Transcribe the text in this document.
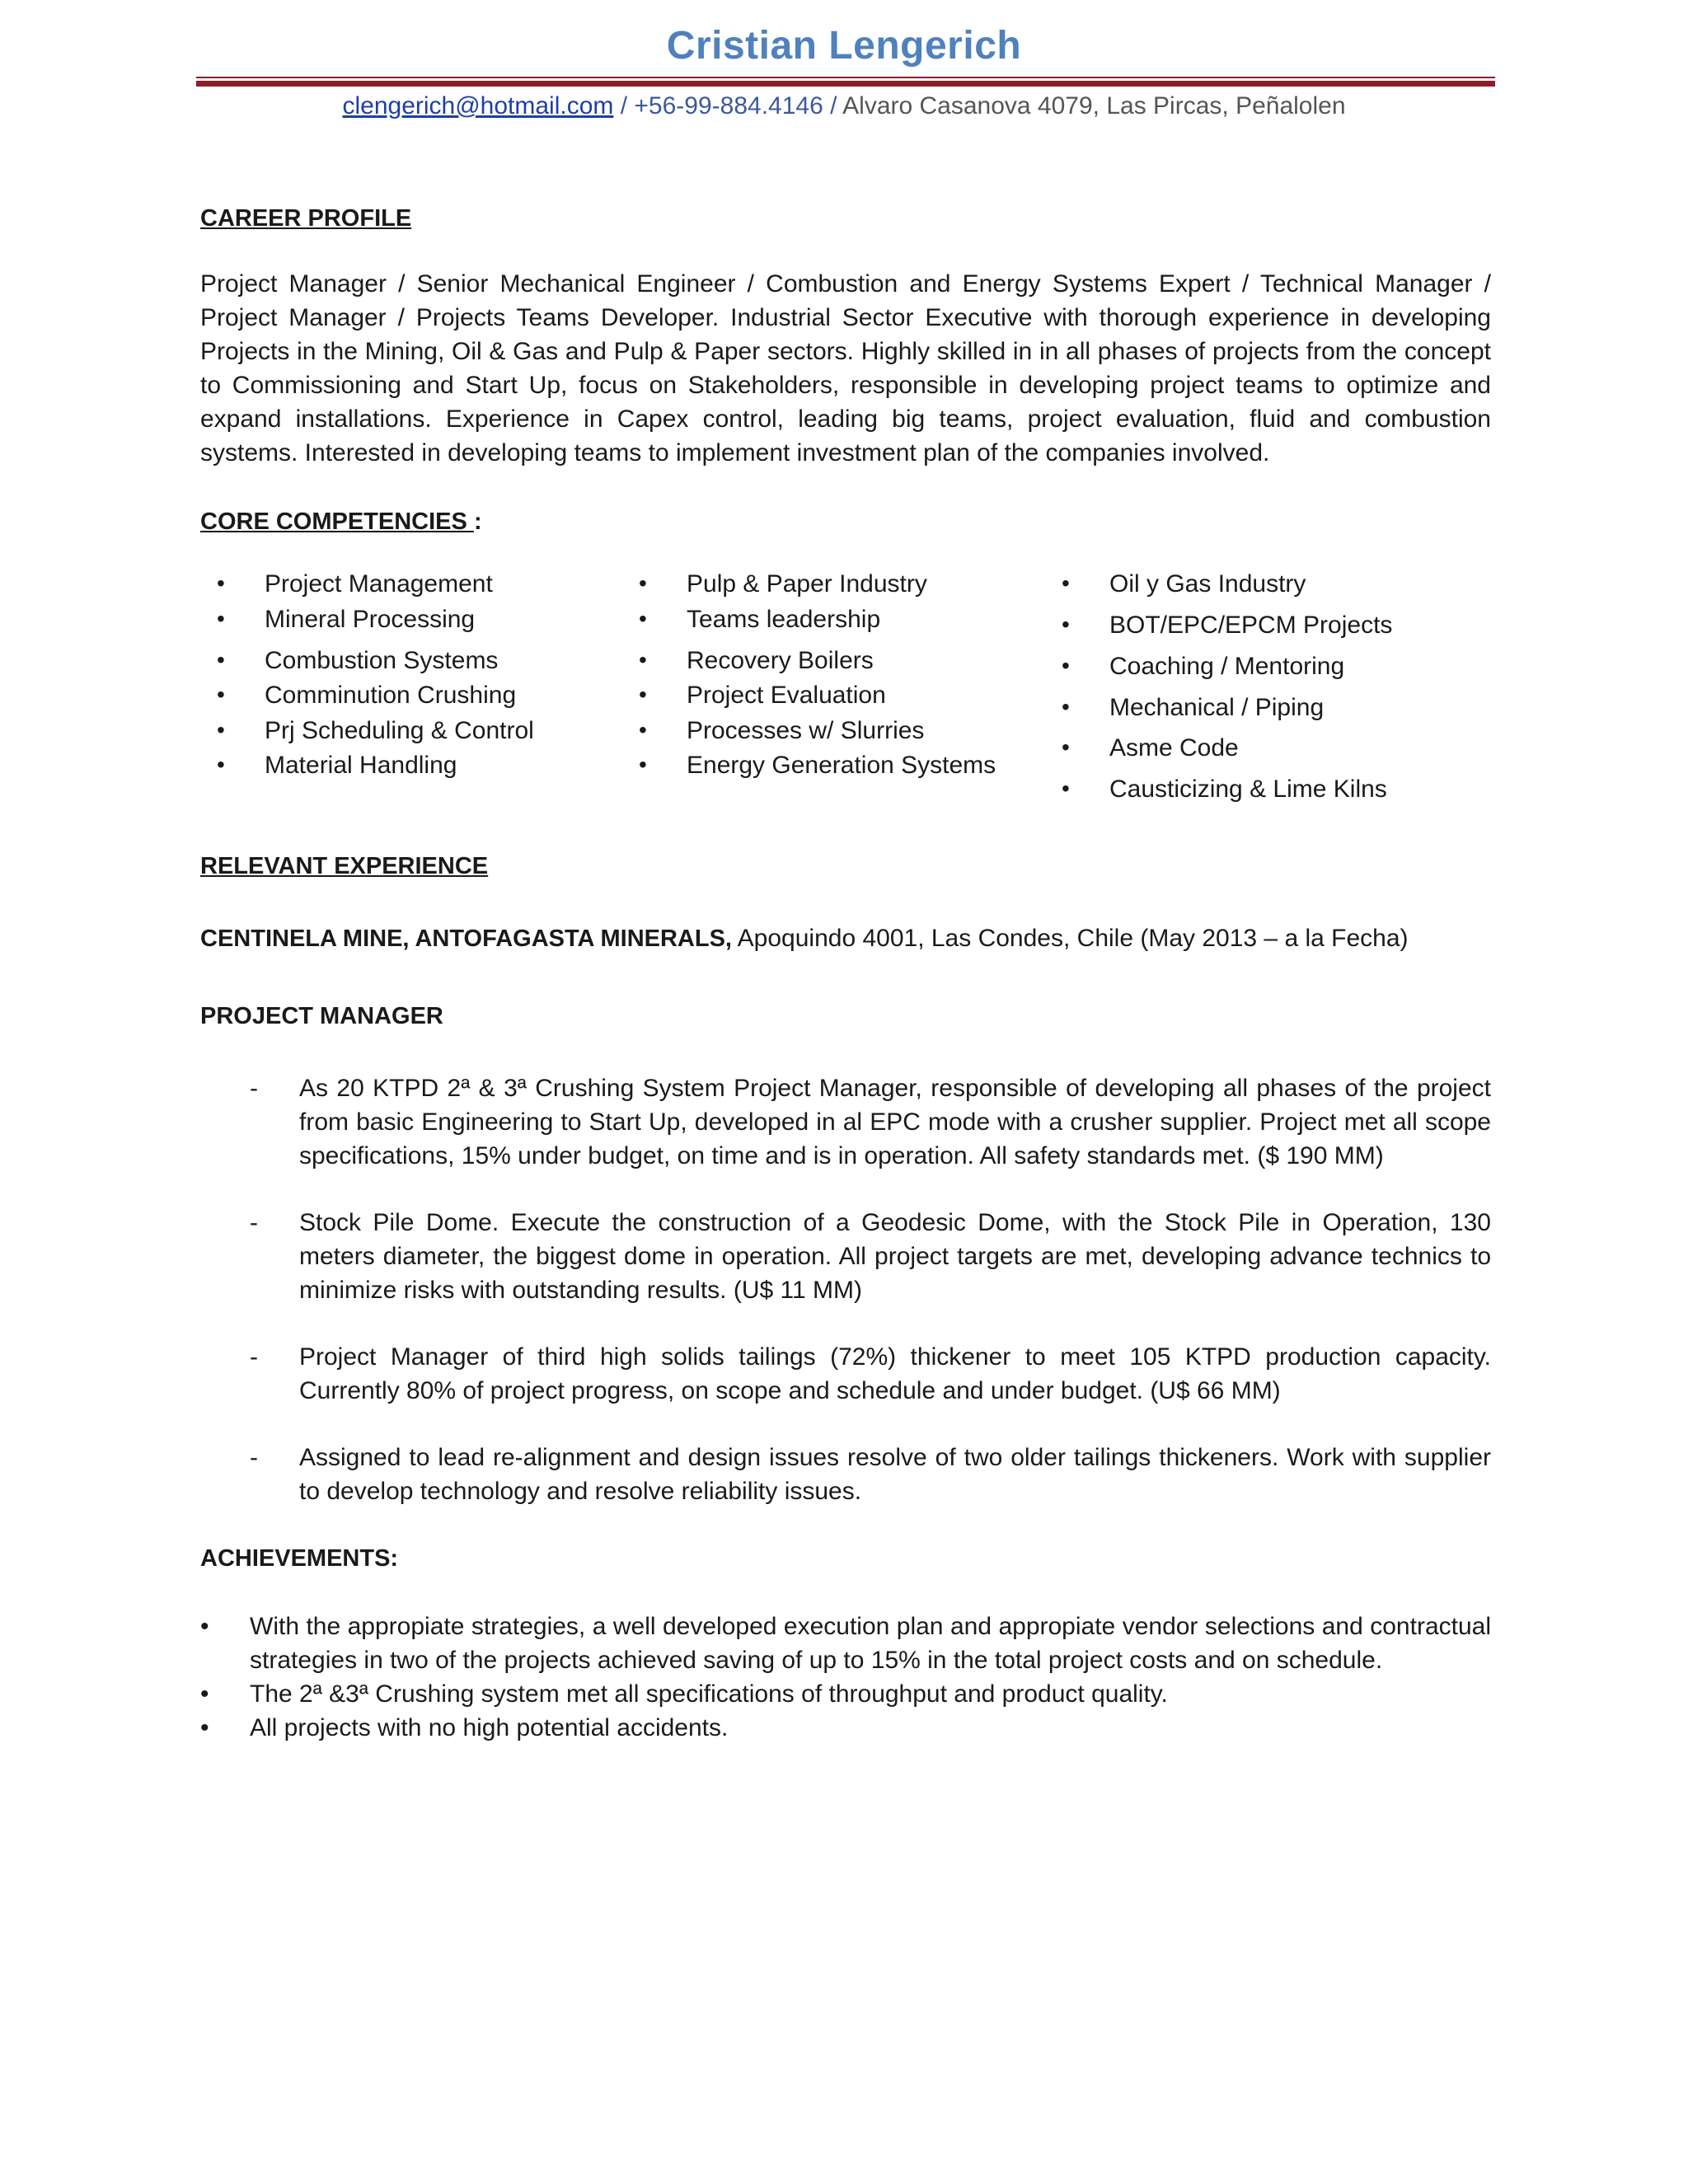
Cristian Lengerich
clengerich@hotmail.com / +56-99-884.4146 / Alvaro Casanova 4079, Las Pircas, Peñalolen
CAREER PROFILE
Project Manager / Senior Mechanical Engineer / Combustion and Energy Systems Expert / Technical Manager / Project Manager / Projects Teams Developer. Industrial Sector Executive with thorough experience in developing Projects in the Mining, Oil & Gas and Pulp & Paper sectors. Highly skilled in in all phases of projects from the concept to Commissioning and Start Up, focus on Stakeholders, responsible in developing project teams to optimize and expand installations. Experience in Capex control, leading big teams, project evaluation, fluid and combustion systems. Interested in developing teams to implement investment plan of the companies involved.
CORE COMPETENCIES :
• Project Management
• Mineral Processing
• Combustion Systems
• Comminution Crushing
• Prj Scheduling & Control
• Material Handling
• Pulp & Paper Industry
• Teams leadership
• Recovery Boilers
• Project Evaluation
• Processes w/ Slurries
• Energy Generation Systems
• Oil y Gas Industry
• BOT/EPC/EPCM Projects
• Coaching / Mentoring
• Mechanical / Piping
• Asme Code
• Causticizing & Lime Kilns
RELEVANT EXPERIENCE
CENTINELA MINE, ANTOFAGASTA MINERALS, Apoquindo 4001, Las Condes, Chile (May 2013 – a la Fecha)
PROJECT MANAGER
- As 20 KTPD 2ª & 3ª Crushing System Project Manager, responsible of developing all phases of the project from basic Engineering to Start Up, developed in al EPC mode with a crusher supplier. Project met all scope specifications, 15% under budget, on time and is in operation. All safety standards met. ($ 190 MM)
- Stock Pile Dome. Execute the construction of a Geodesic Dome, with the Stock Pile in Operation, 130 meters diameter, the biggest dome in operation. All project targets are met, developing advance technics to minimize risks with outstanding results. (U$ 11 MM)
- Project Manager of third high solids tailings (72%) thickener to meet 105 KTPD production capacity. Currently 80% of project progress, on scope and schedule and under budget. (U$ 66 MM)
- Assigned to lead re-alignment and design issues resolve of two older tailings thickeners. Work with supplier to develop technology and resolve reliability issues.
ACHIEVEMENTS:
• With the appropiate strategies, a well developed execution plan and appropiate vendor selections and contractual strategies in two of the projects achieved saving of up to 15% in the total project costs and on schedule.
• The 2ª &3ª Crushing system met all specifications of throughput and product quality.
• All projects with no high potential accidents.
